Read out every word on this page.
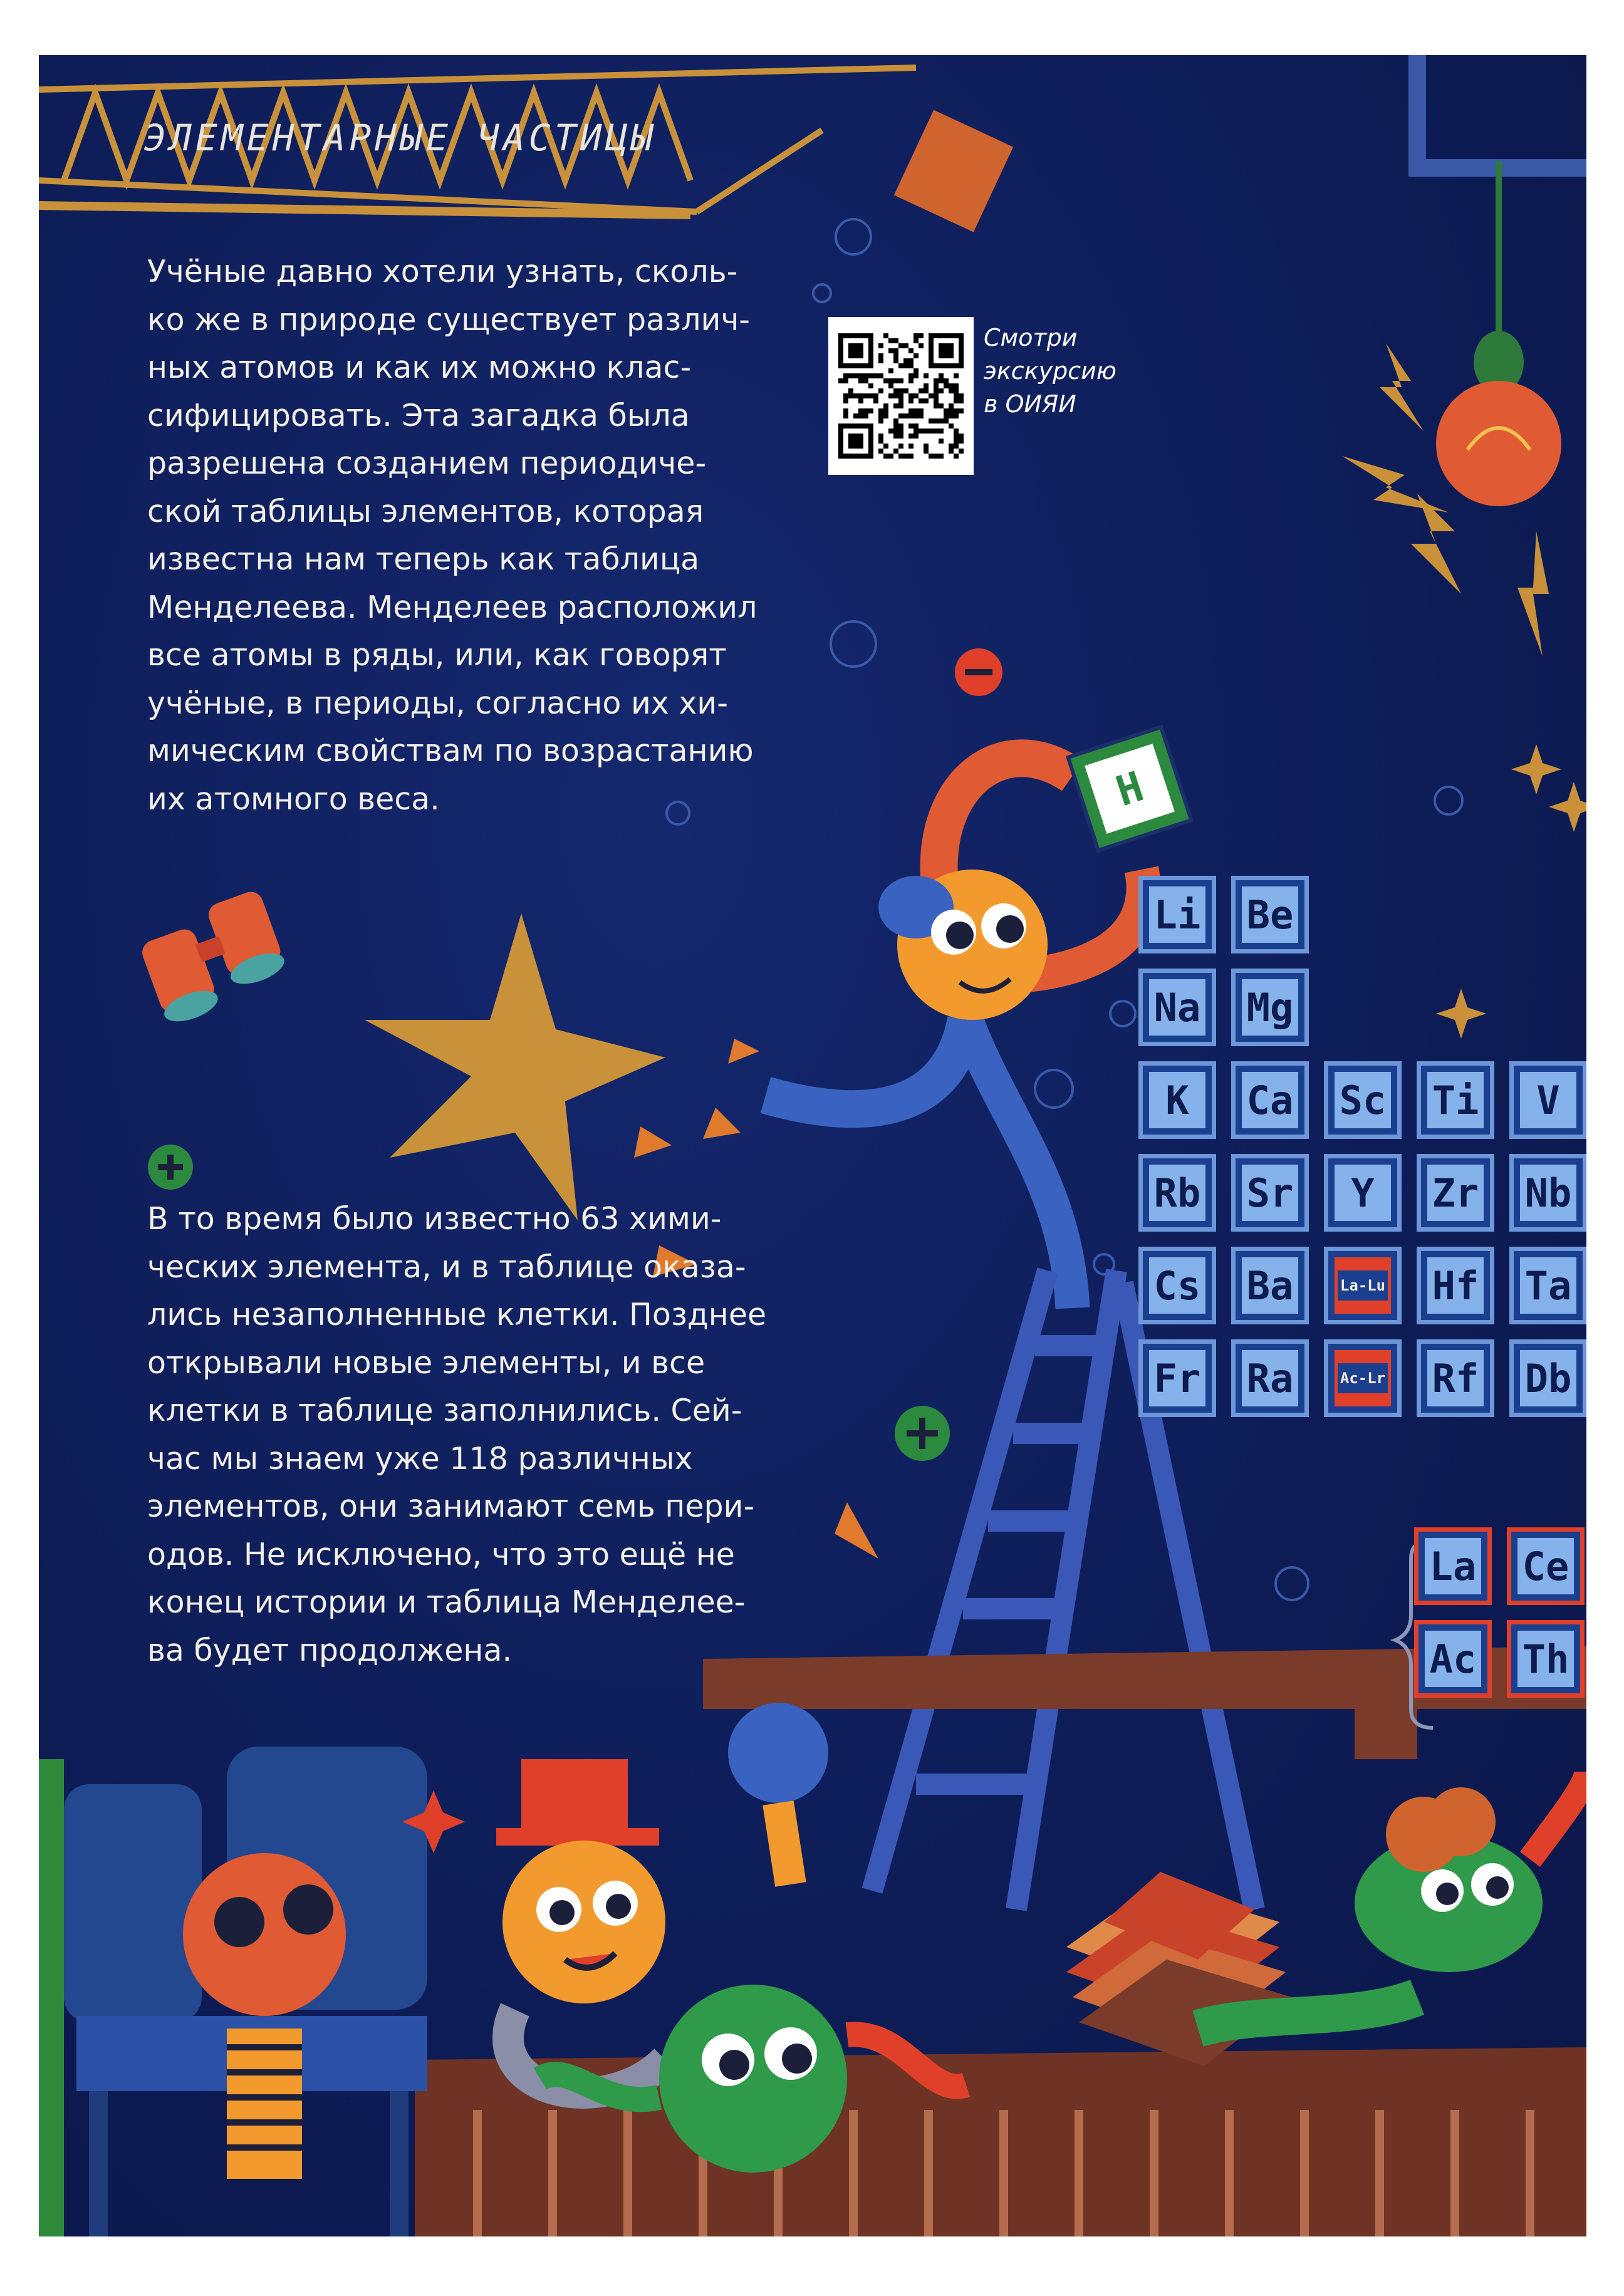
ЭЛЕМЕНТАРНЫЕ ЧАСТИЦЫ

Учёные давно хотели узнать, сколь-
ко же в природе существует различ-
ных атомов и как их можно клас-
сифицировать. Эта загадка была
разрешена созданием периодиче-
ской таблицы элементов, которая
известна нам теперь как таблица
Менделеева. Менделеев расположил
все атомы в ряды, или, как говорят
учёные, в периоды, согласно их хи-
мическим свойствам по возрастанию
их атомного веса.

В то время было известно 63 хими-
ческих элемента, и в таблице оказа-
лись незаполненные клетки. Позднее
открывали новые элементы, и все
клетки в таблице заполнились. Сей-
час мы знаем уже 118 различных
элементов, они занимают семь пери-
одов. Не исключено, что это ещё не
конец истории и таблица Менделее-
ва будет продолжена.

Смотри
экскурсию
в ОИЯИ
H
Li Be
Na Mg
K	Ca Sc Ti	V
Rb Sr	Y	Zr Nb
Cs Ba	La-Lu Hf Ta
Fr Ra	Ac-Lr Rf Db
La Ce
Ac Th
